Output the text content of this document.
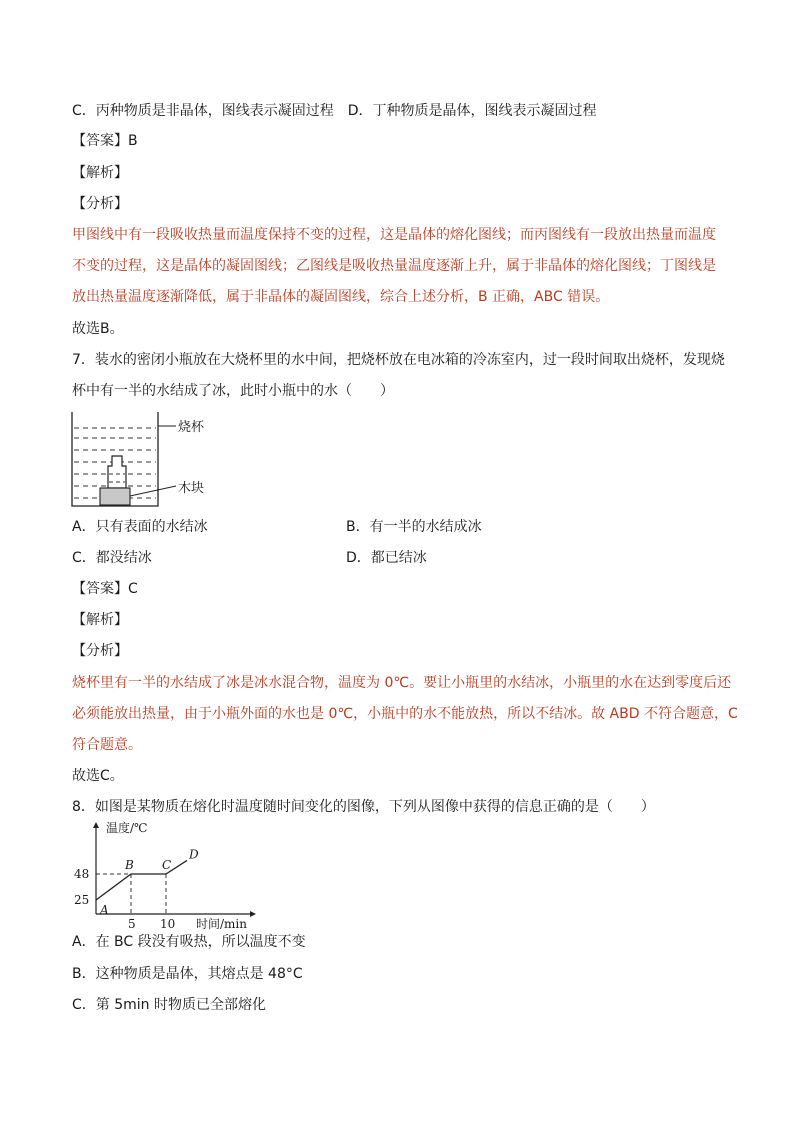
C．丙种物质是非晶体，图线表示凝固过程　D．丁种物质是晶体，图线表示凝固过程
【答案】B
【解析】
【分析】
甲图线中有一段吸收热量而温度保持不变的过程，这是晶体的熔化图线；而丙图线有一段放出热量而温度
不变的过程，这是晶体的凝固图线；乙图线是吸收热量温度逐渐上升，属于非晶体的熔化图线；丁图线是
放出热量温度逐渐降低，属于非晶体的凝固图线，综合上述分析，B 正确，ABC 错误。
故选B。
7．装水的密闭小瓶放在大烧杯里的水中间，把烧杯放在电冰箱的冷冻室内，过一段时间取出烧杯，发现烧
杯中有一半的水结成了冰，此时小瓶中的水（　　）
烧杯
木块
A．只有表面的水结冰	B．有一半的水结成冰
C．都没结冰	D．都已结冰
【答案】C
【解析】
【分析】
烧杯里有一半的水结成了冰是冰水混合物，温度为 0℃。要让小瓶里的水结冰，小瓶里的水在达到零度后还
必须能放出热量，由于小瓶外面的水也是 0℃，小瓶中的水不能放热，所以不结冰。故 ABD 不符合题意，C
符合题意。
故选C。
8．如图是某物质在熔化时温度随时间变化的图像，下列从图像中获得的信息正确的是（　　）
温度/℃
时间/min
48
25
5 10
A
B C
D
A．在 BC 段没有吸热，所以温度不变
B．这种物质是晶体，其熔点是 48°C
C．第 5min 时物质已全部熔化
